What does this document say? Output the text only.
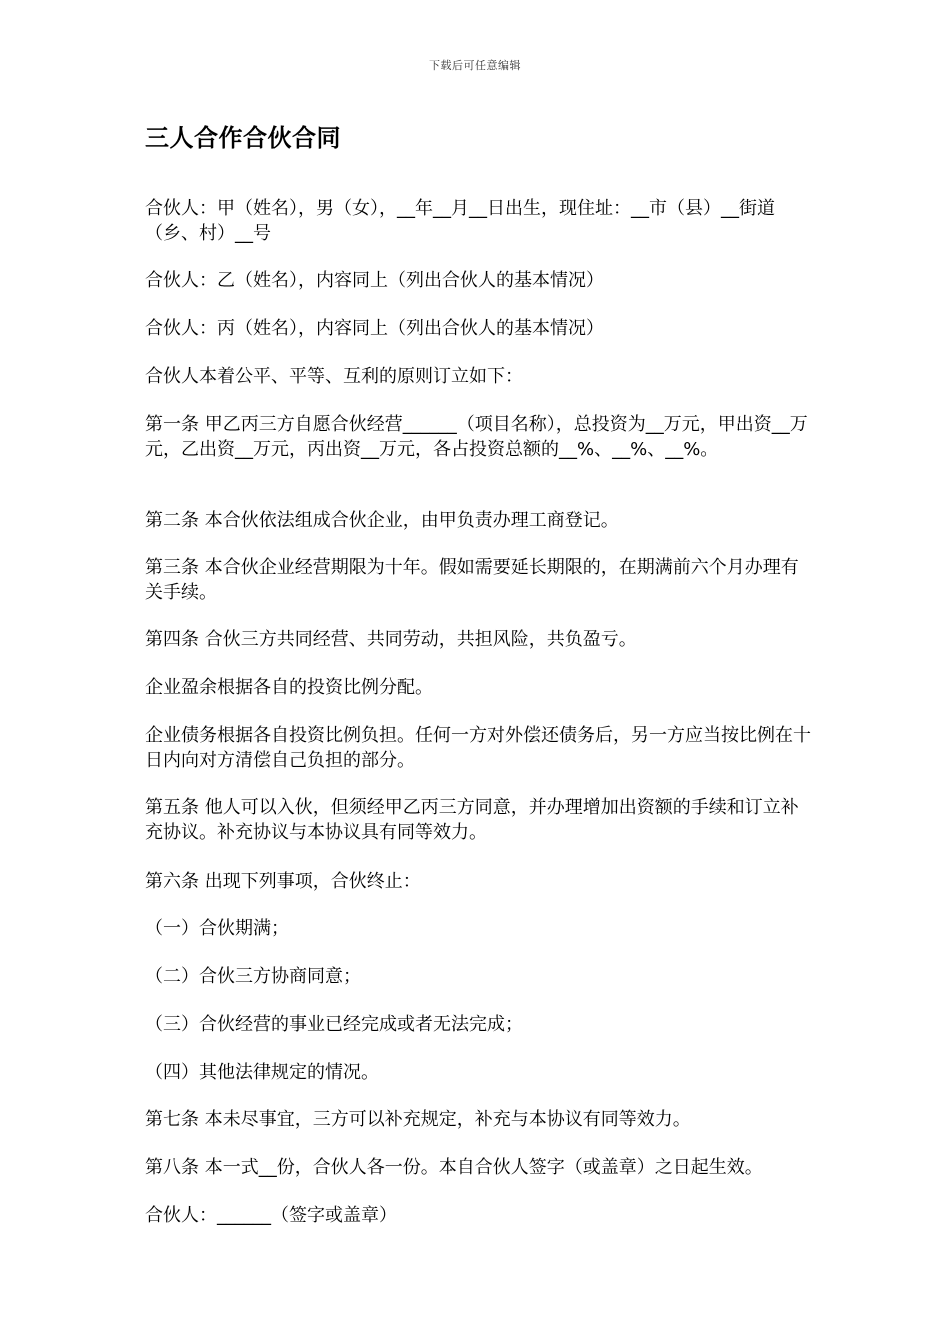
下载后可任意编辑
三人合作合伙合同

合伙人：甲（姓名），男（女），__年__月__日出生，现住址：__市（县）__街道（乡、村）__号

合伙人：乙（姓名），内容同上（列出合伙人的基本情况）

合伙人：丙（姓名），内容同上（列出合伙人的基本情况）

合伙人本着公平、平等、互利的原则订立如下：

第一条 甲乙丙三方自愿合伙经营______（项目名称），总投资为__万元，甲出资__万元，乙出资__万元，丙出资__万元，各占投资总额的__%、__%、__%。

第二条 本合伙依法组成合伙企业，由甲负责办理工商登记。

第三条 本合伙企业经营期限为十年。假如需要延长期限的，在期满前六个月办理有关手续。

第四条 合伙三方共同经营、共同劳动，共担风险，共负盈亏。

企业盈余根据各自的投资比例分配。

企业债务根据各自投资比例负担。任何一方对外偿还债务后，另一方应当按比例在十日内向对方清偿自己负担的部分。

第五条 他人可以入伙，但须经甲乙丙三方同意，并办理增加出资额的手续和订立补充协议。补充协议与本协议具有同等效力。

第六条 出现下列事项，合伙终止：

（一）合伙期满；

（二）合伙三方协商同意；

（三）合伙经营的事业已经完成或者无法完成；

（四）其他法律规定的情况。

第七条 本未尽事宜，三方可以补充规定，补充与本协议有同等效力。

第八条 本一式__份，合伙人各一份。本自合伙人签字（或盖章）之日起生效。

合伙人：______（签字或盖章）
